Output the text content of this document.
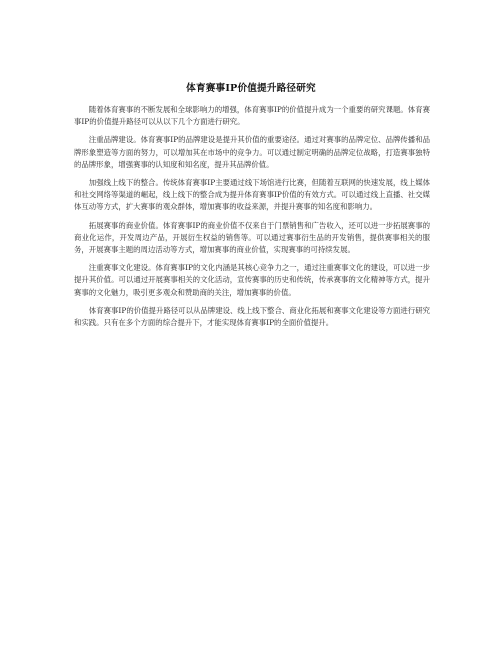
体育赛事IP价值提升路径研究

随着体育赛事的不断发展和全球影响力的增强，体育赛事IP的价值提升成为一个重要的研究课题。体育赛事IP的价值提升路径可以从以下几个方面进行研究。

注重品牌建设。体育赛事IP的品牌建设是提升其价值的重要途径。通过对赛事的品牌定位、品牌传播和品牌形象塑造等方面的努力，可以增加其在市场中的竞争力。可以通过制定明确的品牌定位战略，打造赛事独特的品牌形象，增强赛事的认知度和知名度，提升其品牌价值。

加强线上线下的整合。传统体育赛事IP主要通过线下场馆进行比赛，但随着互联网的快速发展，线上媒体和社交网络等渠道的崛起，线上线下的整合成为提升体育赛事IP价值的有效方式。可以通过线上直播、社交媒体互动等方式，扩大赛事的观众群体，增加赛事的收益来源，并提升赛事的知名度和影响力。

拓展赛事的商业价值。体育赛事IP的商业价值不仅来自于门票销售和广告收入，还可以进一步拓展赛事的商业化运作，开发周边产品，开展衍生权益的销售等。可以通过赛事衍生品的开发销售，提供赛事相关的服务，开展赛事主题的周边活动等方式，增加赛事的商业价值，实现赛事的可持续发展。

注重赛事文化建设。体育赛事IP的文化内涵是其核心竞争力之一，通过注重赛事文化的建设，可以进一步提升其价值。可以通过开展赛事相关的文化活动，宣传赛事的历史和传统，传承赛事的文化精神等方式，提升赛事的文化魅力，吸引更多观众和赞助商的关注，增加赛事的价值。

体育赛事IP的价值提升路径可以从品牌建设、线上线下整合、商业化拓展和赛事文化建设等方面进行研究和实践。只有在多个方面的综合提升下，才能实现体育赛事IP的全面价值提升。
